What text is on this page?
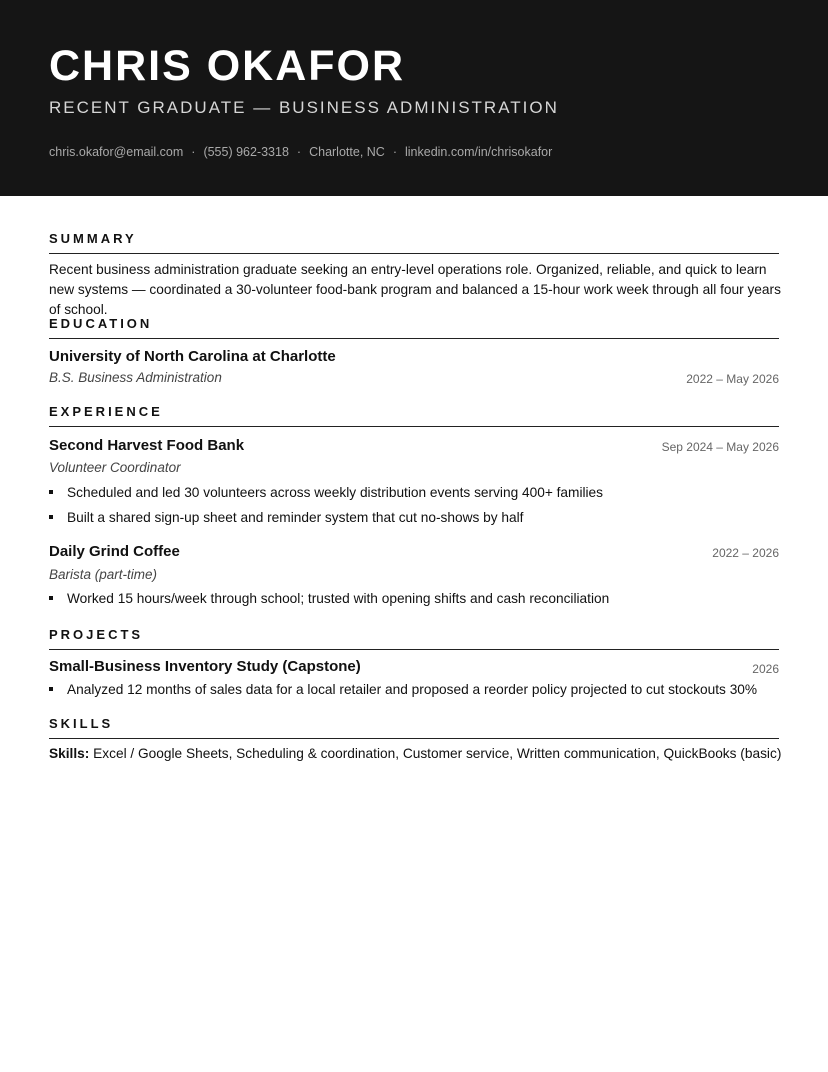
CHRIS OKAFOR
RECENT GRADUATE — BUSINESS ADMINISTRATION
chris.okafor@email.com · (555) 962-3318 · Charlotte, NC · linkedin.com/in/chrisokafor
SUMMARY
Recent business administration graduate seeking an entry-level operations role. Organized, reliable, and quick to learn new systems — coordinated a 30-volunteer food-bank program and balanced a 15-hour work week through all four years of school.
EDUCATION
University of North Carolina at Charlotte
B.S. Business Administration	2022 – May 2026
EXPERIENCE
Second Harvest Food Bank	Sep 2024 – May 2026
Volunteer Coordinator
Scheduled and led 30 volunteers across weekly distribution events serving 400+ families
Built a shared sign-up sheet and reminder system that cut no-shows by half
Daily Grind Coffee	2022 – 2026
Barista (part-time)
Worked 15 hours/week through school; trusted with opening shifts and cash reconciliation
PROJECTS
Small-Business Inventory Study (Capstone)	2026
Analyzed 12 months of sales data for a local retailer and proposed a reorder policy projected to cut stockouts 30%
SKILLS
Skills: Excel / Google Sheets, Scheduling & coordination, Customer service, Written communication, QuickBooks (basic)
